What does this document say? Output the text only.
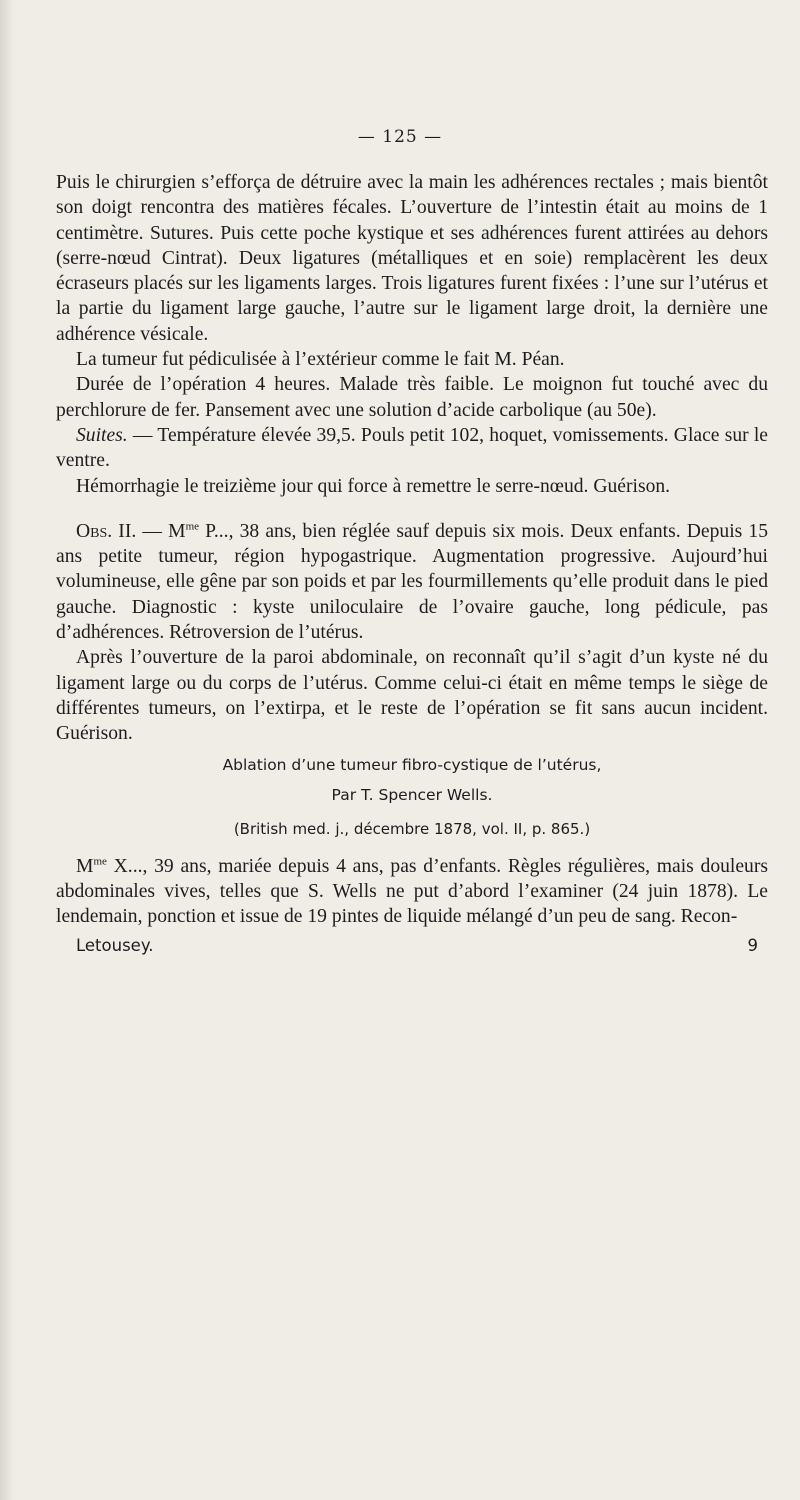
— 125 —

Puis le chirurgien s’efforça de détruire avec la main les adhérences rectales ; mais bientôt son doigt rencontra des matières fécales. L’ouverture de l’intestin était au moins de 1 centimètre. Sutures. Puis cette poche kystique et ses adhérences furent attirées au dehors (serre-nœud Cintrat). Deux ligatures (métalliques et en soie) remplacèrent les deux écraseurs placés sur les ligaments larges. Trois ligatures furent fixées : l’une sur l’utérus et la partie du ligament large gauche, l’autre sur le ligament large droit, la dernière une adhérence vésicale.

La tumeur fut pédiculisée à l’extérieur comme le fait M. Péan.

Durée de l’opération 4 heures. Malade très faible. Le moignon fut touché avec du perchlorure de fer. Pansement avec une solution d’acide carbolique (au 50e).

Suites. — Température élevée 39,5. Pouls petit 102, hoquet, vomissements. Glace sur le ventre.

Hémorrhagie le treizième jour qui force à remettre le serre-nœud. Guérison.

Obs. II. — $M^{me}$ P..., 38 ans, bien réglée sauf depuis six mois. Deux enfants. Depuis 15 ans petite tumeur, région hypogastrique. Augmentation progressive. Aujourd’hui volumineuse, elle gêne par son poids et par les fourmillements qu’elle produit dans le pied gauche. Diagnostic : kyste uniloculaire de l’ovaire gauche, long pédicule, pas d’adhérences. Rétroversion de l’utérus.

Après l’ouverture de la paroi abdominale, on reconnaît qu’il s’agit d’un kyste né du ligament large ou du corps de l’utérus. Comme celui-ci était en même temps le siège de différentes tumeurs, on l’extirpa, et le reste de l’opération se fit sans aucun incident. Guérison.

Ablation d’une tumeur fibro-cystique de l’utérus,
Par T. Spencer Wells.
(British med. j., décembre 1878, vol. II, p. 865.)

$M^{me}$ X..., 39 ans, mariée depuis 4 ans, pas d’enfants. Règles régulières, mais douleurs abdominales vives, telles que S. Wells ne put d’abord l’examiner (24 juin 1878). Le lendemain, ponction et issue de 19 pintes de liquide mélangé d’un peu de sang. Recon-

Letousey.	9
